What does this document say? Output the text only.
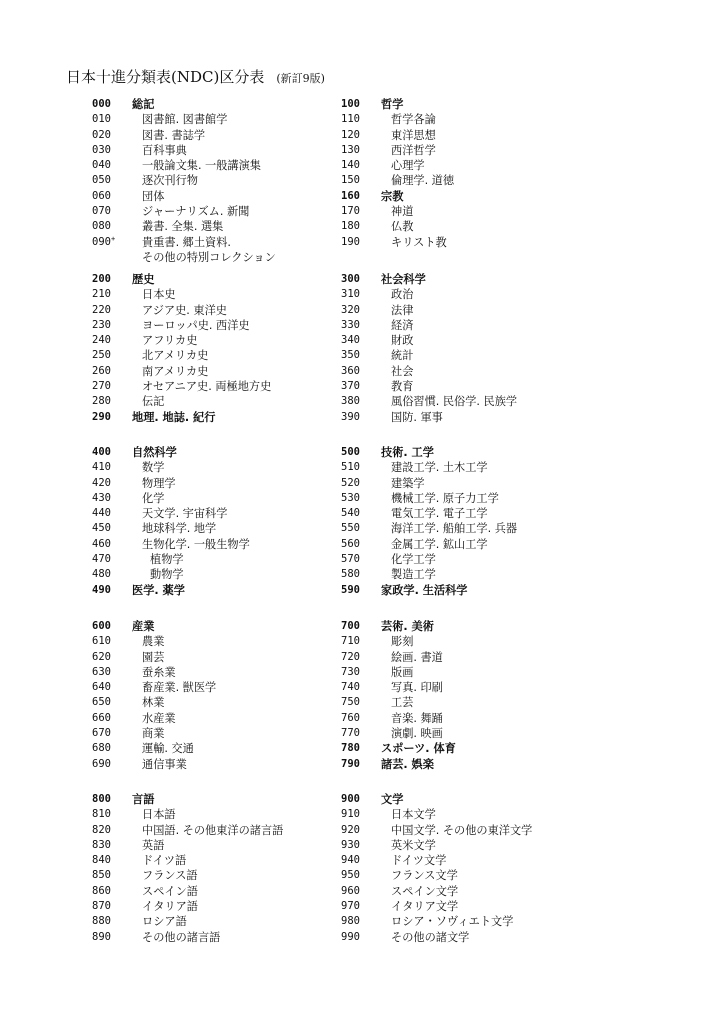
日本十進分類表(NDC)区分表 (新訂9版)
000	総記
010	図書館. 図書館学
020	図書. 書誌学
030	百科事典
040	一般論文集. 一般講演集
050	逐次刊行物
060	団体
070	ジャーナリズム. 新聞
080	叢書. 全集. 選集
090+	貴重書. 郷土資料.
その他の特別コレクション
100	哲学
110	哲学各論
120	東洋思想
130	西洋哲学
140	心理学
150	倫理学. 道徳
160	宗教
170	神道
180	仏教
190	キリスト教
200	歴史
210	日本史
220	アジア史. 東洋史
230	ヨーロッパ史. 西洋史
240	アフリカ史
250	北アメリカ史
260	南アメリカ史
270	オセアニア史. 両極地方史
280	伝記
290	地理. 地誌. 紀行
300	社会科学
310	政治
320	法律
330	経済
340	財政
350	統計
360	社会
370	教育
380	風俗習慣. 民俗学. 民族学
390	国防. 軍事
400	自然科学
410	数学
420	物理学
430	化学
440	天文学. 宇宙科学
450	地球科学. 地学
460	生物化学. 一般生物学
470	植物学
480	動物学
490	医学. 薬学
500	技術. 工学
510	建設工学. 土木工学
520	建築学
530	機械工学. 原子力工学
540	電気工学. 電子工学
550	海洋工学. 船舶工学. 兵器
560	金属工学. 鉱山工学
570	化学工学
580	製造工学
590	家政学. 生活科学
600	産業
610	農業
620	園芸
630	蚕糸業
640	畜産業. 獣医学
650	林業
660	水産業
670	商業
680	運輸. 交通
690	通信事業
700	芸術. 美術
710	彫刻
720	絵画. 書道
730	版画
740	写真. 印刷
750	工芸
760	音楽. 舞踊
770	演劇. 映画
780	スポーツ. 体育
790	諸芸. 娯楽
800	言語
810	日本語
820	中国語. その他東洋の諸言語
830	英語
840	ドイツ語
850	フランス語
860	スペイン語
870	イタリア語
880	ロシア語
890	その他の諸言語
900	文学
910	日本文学
920	中国文学. その他の東洋文学
930	英米文学
940	ドイツ文学
950	フランス文学
960	スペイン文学
970	イタリア文学
980	ロシア・ソヴィエト文学
990	その他の諸文学
